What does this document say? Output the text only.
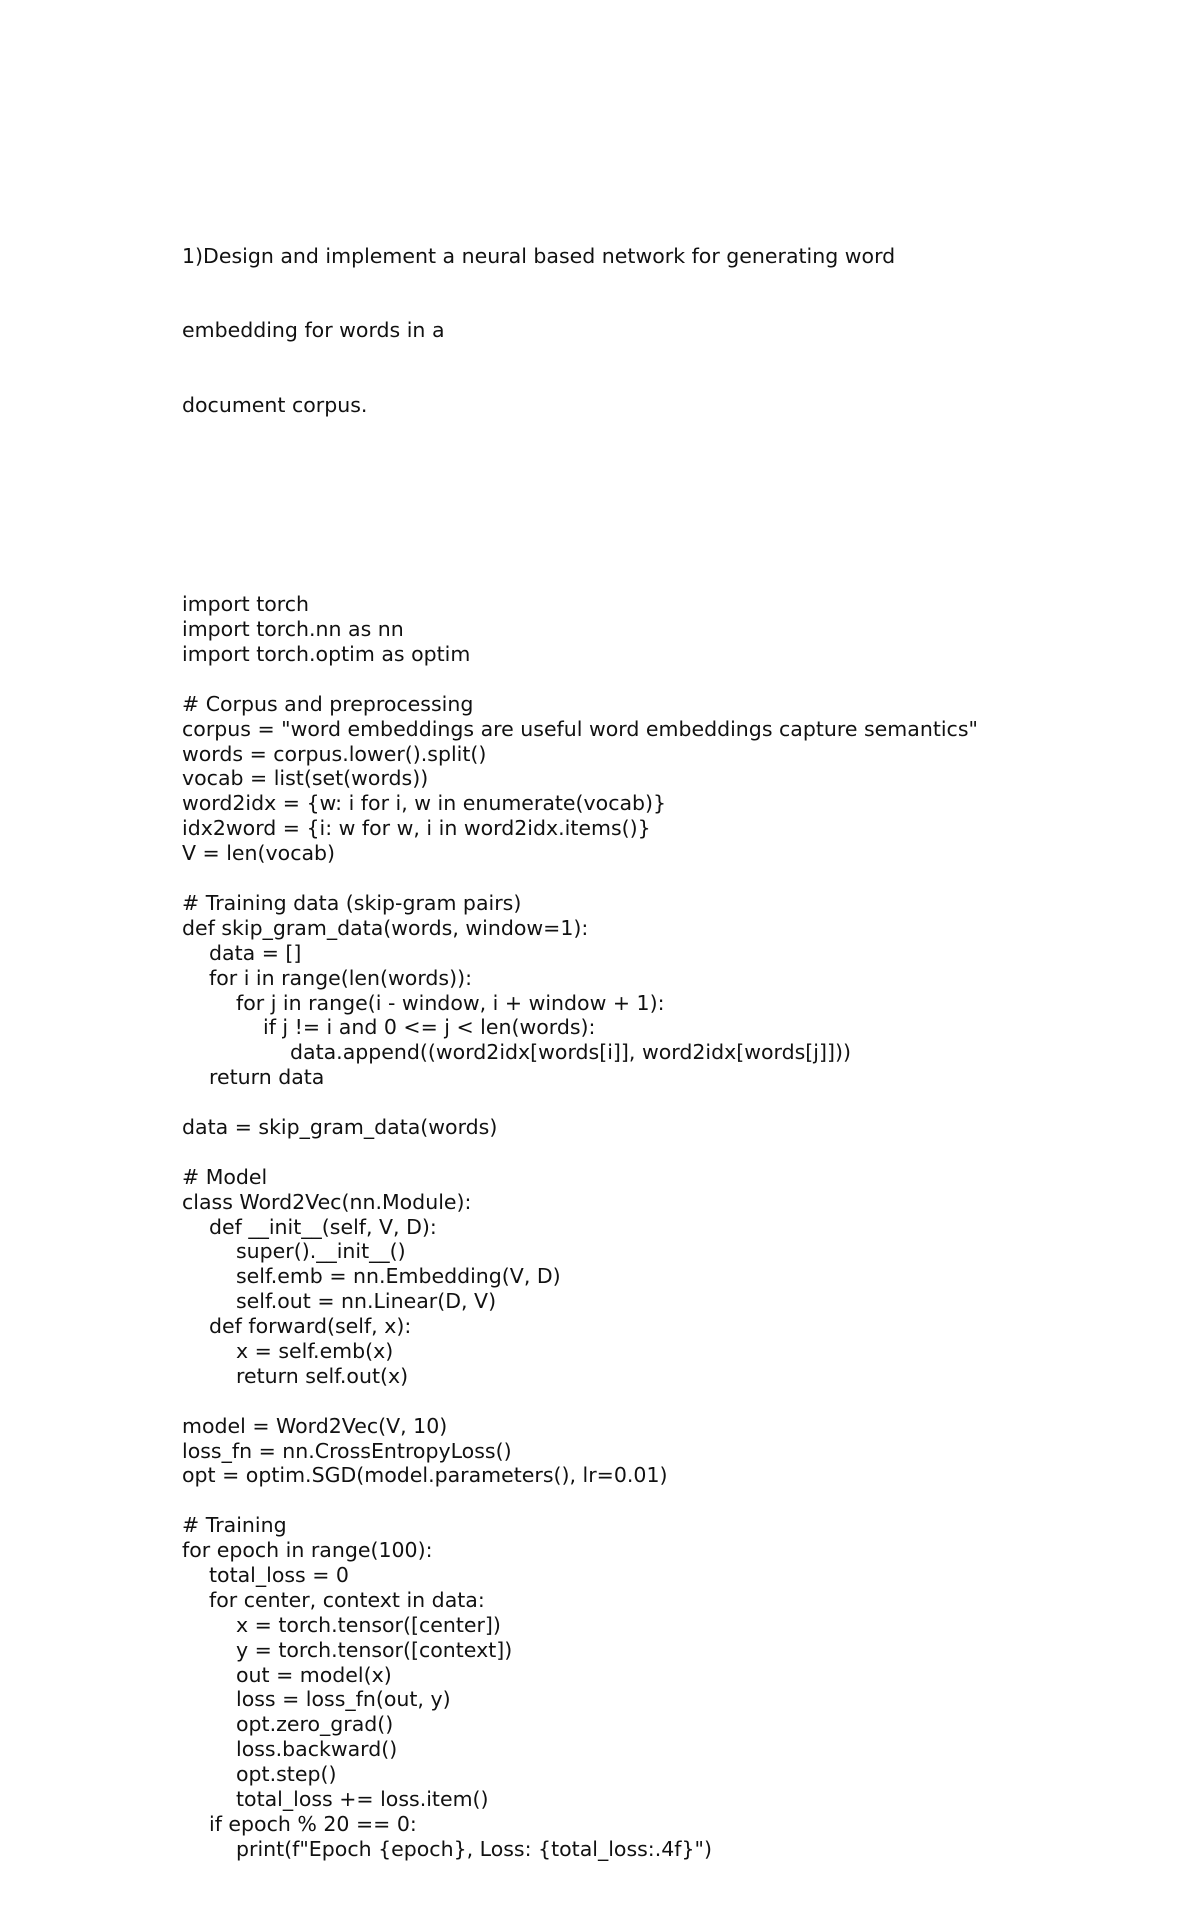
1)Design and implement a neural based network for generating word

embedding for words in a

document corpus.

import torch
import torch.nn as nn
import torch.optim as optim
# Corpus and preprocessing
corpus = "word embeddings are useful word embeddings capture semantics"
words = corpus.lower().split()
vocab = list(set(words))
word2idx = {w: i for i, w in enumerate(vocab)}
idx2word = {i: w for w, i in word2idx.items()}
V = len(vocab)
# Training data (skip-gram pairs)
def skip_gram_data(words, window=1):
data = []
for i in range(len(words)):
for j in range(i - window, i + window + 1):
if j != i and 0 <= j < len(words):
data.append((word2idx[words[i]], word2idx[words[j]]))
return data
data = skip_gram_data(words)
# Model
class Word2Vec(nn.Module):
def __init__(self, V, D):
super().__init__()
self.emb = nn.Embedding(V, D)
self.out = nn.Linear(D, V)
def forward(self, x):
x = self.emb(x)
return self.out(x)
model = Word2Vec(V, 10)
loss_fn = nn.CrossEntropyLoss()
opt = optim.SGD(model.parameters(), lr=0.01)
# Training
for epoch in range(100):
total_loss = 0
for center, context in data:
x = torch.tensor([center])
y = torch.tensor([context])
out = model(x)
loss = loss_fn(out, y)
opt.zero_grad()
loss.backward()
opt.step()
total_loss += loss.item()
if epoch % 20 == 0:
print(f"Epoch {epoch}, Loss: {total_loss:.4f}")
